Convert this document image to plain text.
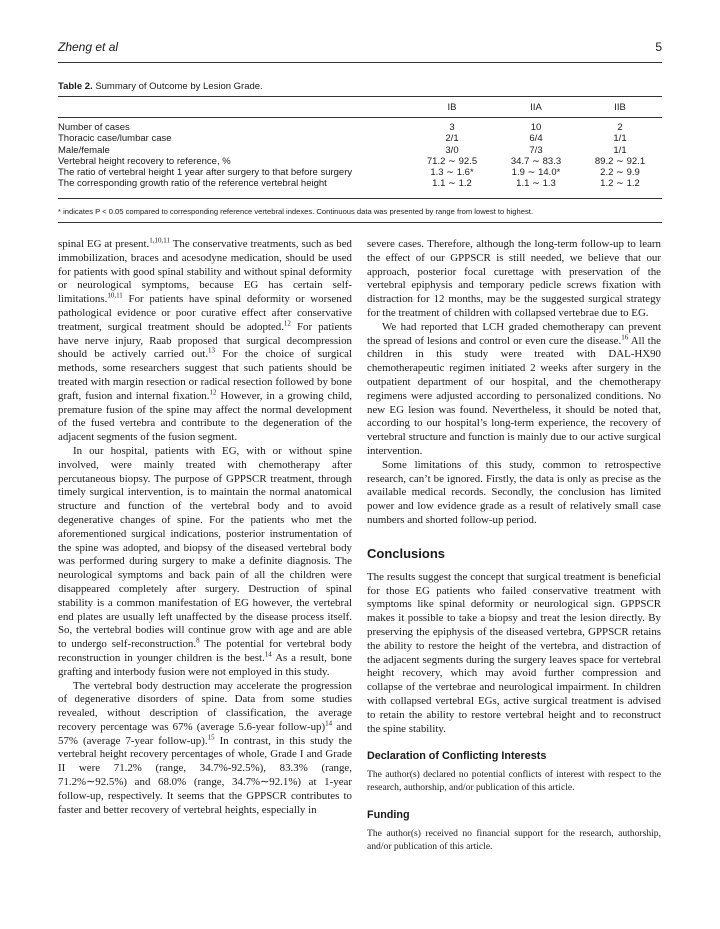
Zheng et al	5
Table 2. Summary of Outcome by Lesion Grade.
	IB	IIA	IIB
Number of cases	3	10	2
Thoracic case/lumbar case	2/1	6/4	1/1
Male/female	3/0	7/3	1/1
Vertebral height recovery to reference, %	71.2 ∼ 92.5	34.7 ∼ 83.3	89.2 ∼ 92.1
The ratio of vertebral height 1 year after surgery to that before surgery	1.3 ∼ 1.6*	1.9 ∼ 14.0*	2.2 ∼ 9.9
The corresponding growth ratio of the reference vertebral height	1.1 ∼ 1.2	1.1 ∼ 1.3	1.2 ∼ 1.2
* indicates P < 0.05 compared to corresponding reference vertebral indexes. Continuous data was presented by range from lowest to highest.

spinal EG at present.$^{1,10,11}$ The conservative treatments, such as bed immobilization, braces and acesodyne medication, should be used for patients with good spinal stability and without spinal deformity or neurological symptoms, because EG has certain self-limitations.$^{10,11}$ For patients have spinal deformity or worsened pathological evidence or poor curative effect after conservative treatment, surgical treatment should be adopted.$^{12}$ For patients have nerve injury, Raab proposed that surgical decompression should be actively carried out.$^{13}$ For the choice of surgical methods, some researchers suggest that such patients should be treated with margin resection or radical resection followed by bone graft, fusion and internal fixation.$^{12}$ However, in a growing child, premature fusion of the spine may affect the normal development of the fused vertebra and contribute to the degeneration of the adjacent segments of the fusion segment.

In our hospital, patients with EG, with or without spine involved, were mainly treated with chemotherapy after percutaneous biopsy. The purpose of GPPSCR treatment, through timely surgical intervention, is to maintain the normal anatomical structure and function of the vertebral body and to avoid degenerative changes of spine. For the patients who met the aforementioned surgical indications, posterior instrumentation of the spine was adopted, and biopsy of the diseased vertebral body was performed during surgery to make a definite diagnosis. The neurological symptoms and back pain of all the children were disappeared completely after surgery. Destruction of spinal stability is a common manifestation of EG however, the vertebral end plates are usually left unaffected by the disease process itself. So, the vertebral bodies will continue grow with age and are able to undergo self-reconstruction.$^8$ The potential for vertebral body reconstruction in younger children is the best.$^{14}$ As a result, bone grafting and interbody fusion were not employed in this study.

The vertebral body destruction may accelerate the progression of degenerative disorders of spine. Data from some studies revealed, without description of classification, the average recovery percentage was 67% (average 5.6-year follow-up)$^{14}$ and 57% (average 7-year follow-up).$^{15}$ In contrast, in this study the vertebral height recovery percentages of whole, Grade I and Grade II were 71.2% (range, 34.7%-92.5%), 83.3% (range, 71.2%∼92.5%) and 68.0% (range, 34.7%∼92.1%) at 1-year follow-up, respectively. It seems that the GPPSCR contributes to faster and better recovery of vertebral heights, especially in

severe cases. Therefore, although the long-term follow-up to learn the effect of our GPPSCR is still needed, we believe that our approach, posterior focal curettage with preservation of the vertebral epiphysis and temporary pedicle screws fixation with distraction for 12 months, may be the suggested surgical strategy for the treatment of children with collapsed vertebrae due to EG.

We had reported that LCH graded chemotherapy can prevent the spread of lesions and control or even cure the disease.$^{16}$ All the children in this study were treated with DAL-HX90 chemotherapeutic regimen initiated 2 weeks after surgery in the outpatient department of our hospital, and the chemotherapy regimens were adjusted according to personalized conditions. No new EG lesion was found. Nevertheless, it should be noted that, according to our hospital’s long-term experience, the recovery of vertebral structure and function is mainly due to our active surgical intervention.

Some limitations of this study, common to retrospective research, can’t be ignored. Firstly, the data is only as precise as the available medical records. Secondly, the conclusion has limited power and low evidence grade as a result of relatively small case numbers and shorted follow-up period.

Conclusions

The results suggest the concept that surgical treatment is beneficial for those EG patients who failed conservative treatment with symptoms like spinal deformity or neurological sign. GPPSCR makes it possible to take a biopsy and treat the lesion directly. By preserving the epiphysis of the diseased vertebra, GPPSCR retains the ability to restore the height of the vertebra, and distraction of the adjacent segments during the surgery leaves space for vertebral height recovery, which may avoid further compression and collapse of the vertebrae and neurological impairment. In children with collapsed vertebral EGs, active surgical treatment is advised to retain the ability to restore vertebral height and to reconstruct the spine stability.

Declaration of Conflicting Interests

The author(s) declared no potential conflicts of interest with respect to the research, authorship, and/or publication of this article.

Funding

The author(s) received no financial support for the research, authorship, and/or publication of this article.
